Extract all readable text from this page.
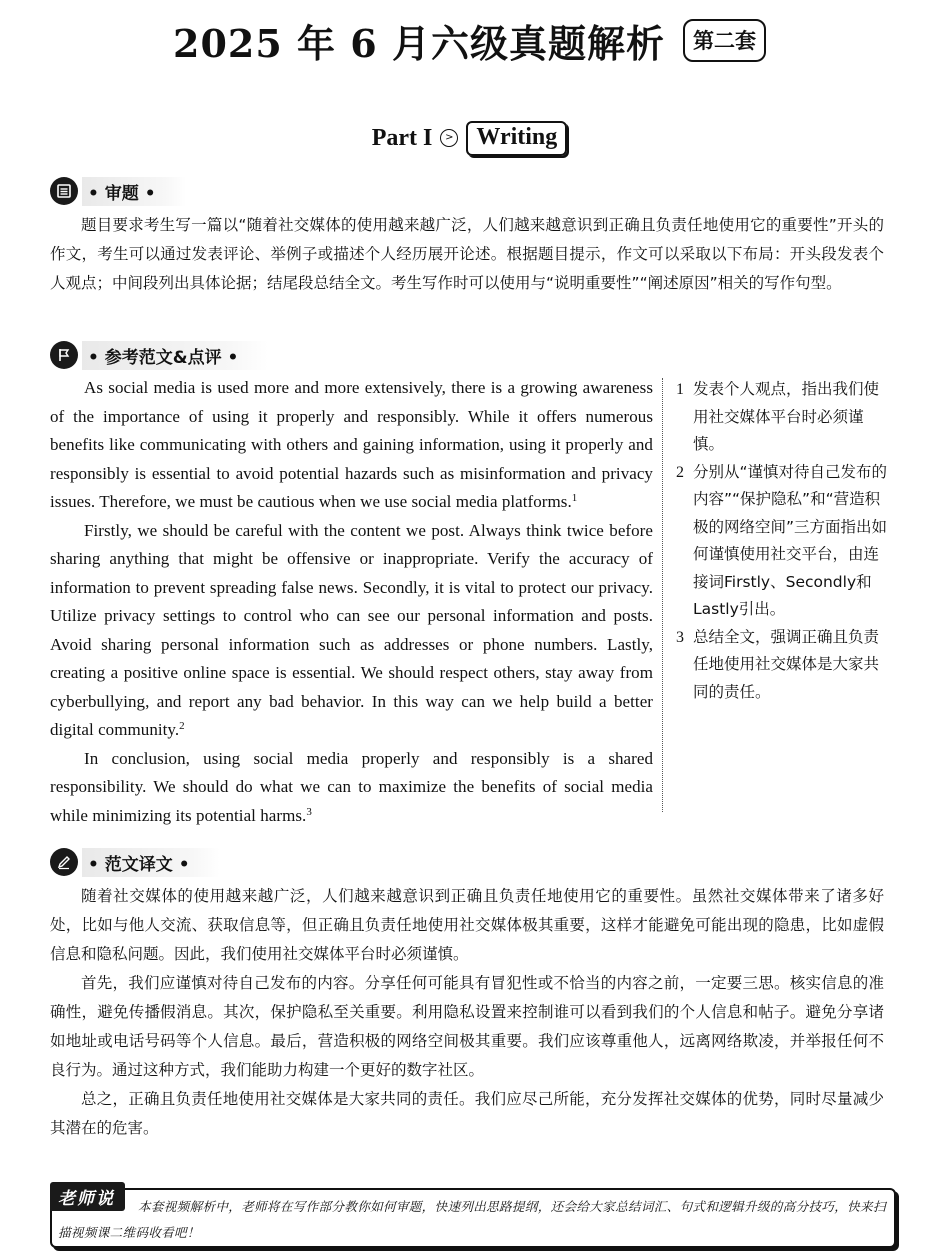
2025 年 6 月六级真题解析	第二套
Part I	> Writing
• 审题 •

题目要求考生写一篇以“随着社交媒体的使用越来越广泛，人们越来越意识到正确且负责任地使用它的重要性”开头的作文，考生可以通过发表评论、举例子或描述个人经历展开论述。根据题目提示，作文可以采取以下布局：开头段发表个人观点；中间段列出具体论据；结尾段总结全文。考生写作时可以使用与“说明重要性”“阐述原因”相关的写作句型。

• 参考范文&点评 •

As social media is used more and more extensively, there is a growing awareness of the importance of using it properly and responsibly. While it offers numerous benefits like communicating with others and gaining information, using it properly and responsibly is essential to avoid potential hazards such as misinformation and privacy issues. Therefore, we must be cautious when we use social media platforms.$^1$

Firstly, we should be careful with the content we post. Always think twice before sharing anything that might be offensive or inappropriate. Verify the accuracy of information to prevent spreading false news. Secondly, it is vital to protect our privacy. Utilize privacy settings to control who can see our personal information and posts. Avoid sharing personal information such as addresses or phone numbers. Lastly, creating a positive online space is essential. We should respect others, stay away from cyberbullying, and report any bad behavior. In this way can we help build a better digital community.$^2$

In conclusion, using social media properly and responsibly is a shared responsibility. We should do what we can to maximize the benefits of social media while minimizing its potential harms.$^3$

1 发表个人观点，指出我们使用社交媒体平台时必须谨慎。
2 分别从“谨慎对待自己发布的内容”“保护隐私”和“营造积极的网络空间”三方面指出如何谨慎使用社交平台，由连接词Firstly、Secondly和Lastly引出。
3 总结全文，强调正确且负责任地使用社交媒体是大家共同的责任。
• 范文译文 •

随着社交媒体的使用越来越广泛，人们越来越意识到正确且负责任地使用它的重要性。虽然社交媒体带来了诸多好处，比如与他人交流、获取信息等，但正确且负责任地使用社交媒体极其重要，这样才能避免可能出现的隐患，比如虚假信息和隐私问题。因此，我们使用社交媒体平台时必须谨慎。

首先，我们应谨慎对待自己发布的内容。分享任何可能具有冒犯性或不恰当的内容之前，一定要三思。核实信息的准确性，避免传播假消息。其次，保护隐私至关重要。利用隐私设置来控制谁可以看到我们的个人信息和帖子。避免分享诸如地址或电话号码等个人信息。最后，营造积极的网络空间极其重要。我们应该尊重他人，远离网络欺凌，并举报任何不良行为。通过这种方式，我们能助力构建一个更好的数字社区。

总之，正确且负责任地使用社交媒体是大家共同的责任。我们应尽己所能，充分发挥社交媒体的优势，同时尽量减少其潜在的危害。

老师说	本套视频解析中，老师将在写作部分教你如何审题，快速列出思路提纲，还会给大家总结词汇、句式和逻辑升级的高分技巧，快来扫描视频课二维码收看吧！
